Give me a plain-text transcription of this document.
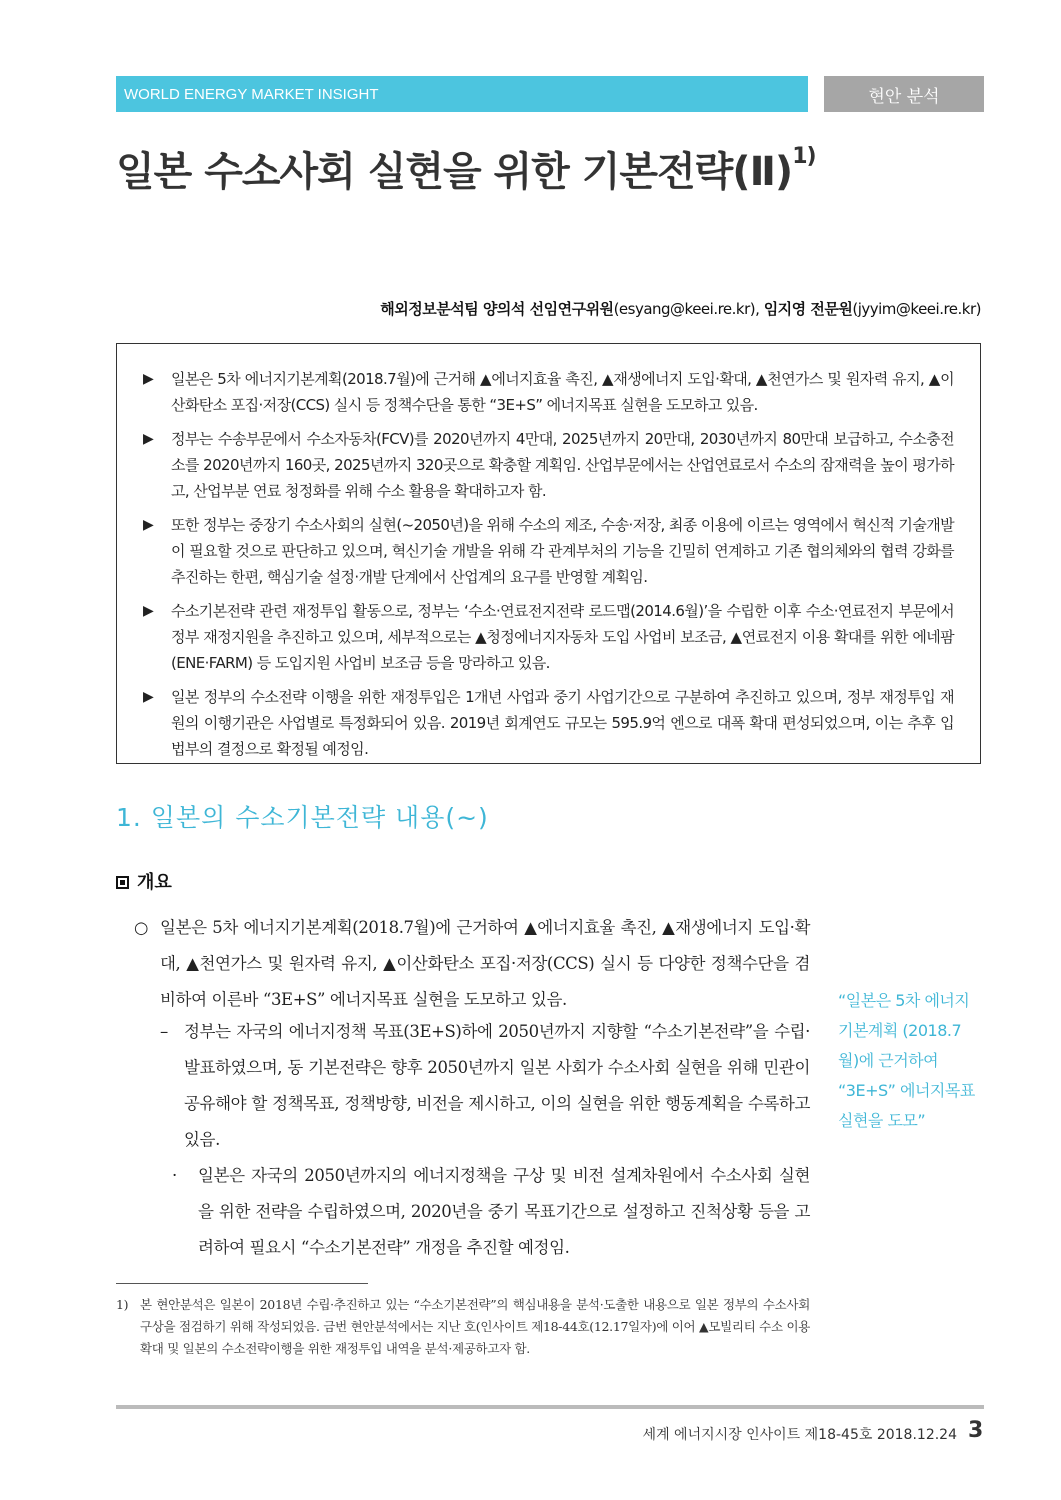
WORLD ENERGY MARKET INSIGHT	현안 분석
일본 수소사회 실현을 위한 기본전략(Ⅱ)$^{1)}$
해외정보분석팀 양의석 선임연구위원(esyang@keei.re.kr), 임지영 전문원(jyyim@keei.re.kr)
▶	일본은 5차 에너지기본계획(2018.7월)에 근거해 ▲에너지효율 촉진, ▲재생에너지 도입·확대, ▲천연가스 및 원자력 유지, ▲이산화탄소 포집·저장(CCS) 실시 등 정책수단을 통한 “3E+S” 에너지목표 실현을 도모하고 있음.
▶	정부는 수송부문에서 수소자동차(FCV)를 2020년까지 4만대, 2025년까지 20만대, 2030년까지 80만대 보급하고, 수소충전소를 2020년까지 160곳, 2025년까지 320곳으로 확충할 계획임. 산업부문에서는 산업연료로서 수소의 잠재력을 높이 평가하고, 산업부분 연료 청정화를 위해 수소 활용을 확대하고자 함.
▶	또한 정부는 중장기 수소사회의 실현(~2050년)을 위해 수소의 제조, 수송·저장, 최종 이용에 이르는 영역에서 혁신적 기술개발이 필요할 것으로 판단하고 있으며, 혁신기술 개발을 위해 각 관계부처의 기능을 긴밀히 연계하고 기존 협의체와의 협력 강화를 추진하는 한편, 핵심기술 설정·개발 단계에서 산업계의 요구를 반영할 계획임.
▶	수소기본전략 관련 재정투입 활동으로, 정부는 ‘수소·연료전지전략 로드맵(2014.6월)’을 수립한 이후 수소·연료전지 부문에서 정부 재정지원을 추진하고 있으며, 세부적으로는 ▲청정에너지자동차 도입 사업비 보조금, ▲연료전지 이용 확대를 위한 에네팜(ENE·FARM) 등 도입지원 사업비 보조금 등을 망라하고 있음.
▶	일본 정부의 수소전략 이행을 위한 재정투입은 1개년 사업과 중기 사업기간으로 구분하여 추진하고 있으며, 정부 재정투입 재원의 이행기관은 사업별로 특정화되어 있음. 2019년 회계연도 규모는 595.9억 엔으로 대폭 확대 편성되었으며, 이는 추후 입법부의 결정으로 확정될 예정임.
1. 일본의 수소기본전략 내용(~)
개요
○ 일본은 5차 에너지기본계획(2018.7월)에 근거하여 ▲에너지효율 촉진, ▲재생에너지 도입·확대, ▲천연가스 및 원자력 유지, ▲이산화탄소 포집·저장(CCS) 실시 등 다양한 정책수단을 겸비하여 이른바 “3E+S” 에너지목표 실현을 도모하고 있음.
– 정부는 자국의 에너지정책 목표(3E+S)하에 2050년까지 지향할 “수소기본전략”을 수립·발표하였으며, 동 기본전략은 향후 2050년까지 일본 사회가 수소사회 실현을 위해 민관이 공유해야 할 정책목표, 정책방향, 비전을 제시하고, 이의 실현을 위한 행동계획을 수록하고 있음.
·	일본은 자국의 2050년까지의 에너지정책을 구상 및 비전 설계차원에서 수소사회 실현을 위한 전략을 수립하였으며, 2020년을 중기 목표기간으로 설정하고 진척상황 등을 고려하여 필요시 “수소기본전략” 개정을 추진할 예정임.
“일본은 5차 에너지기본계획 (2018.7월)에 근거하여 “3E+S” 에너지목표 실현을 도모”
1) 본 현안분석은 일본이 2018년 수립·추진하고 있는 “수소기본전략”의 핵심내용을 분석·도출한 내용으로 일본 정부의 수소사회 구상을 점검하기 위해 작성되었음. 금번 현안분석에서는 지난 호(인사이트 제18-44호(12.17일자)에 이어 ▲모빌리티 수소 이용 확대 및 일본의 수소전략이행을 위한 재정투입 내역을 분석·제공하고자 함.
세계 에너지시장 인사이트 제18-45호 2018.12.24 3
